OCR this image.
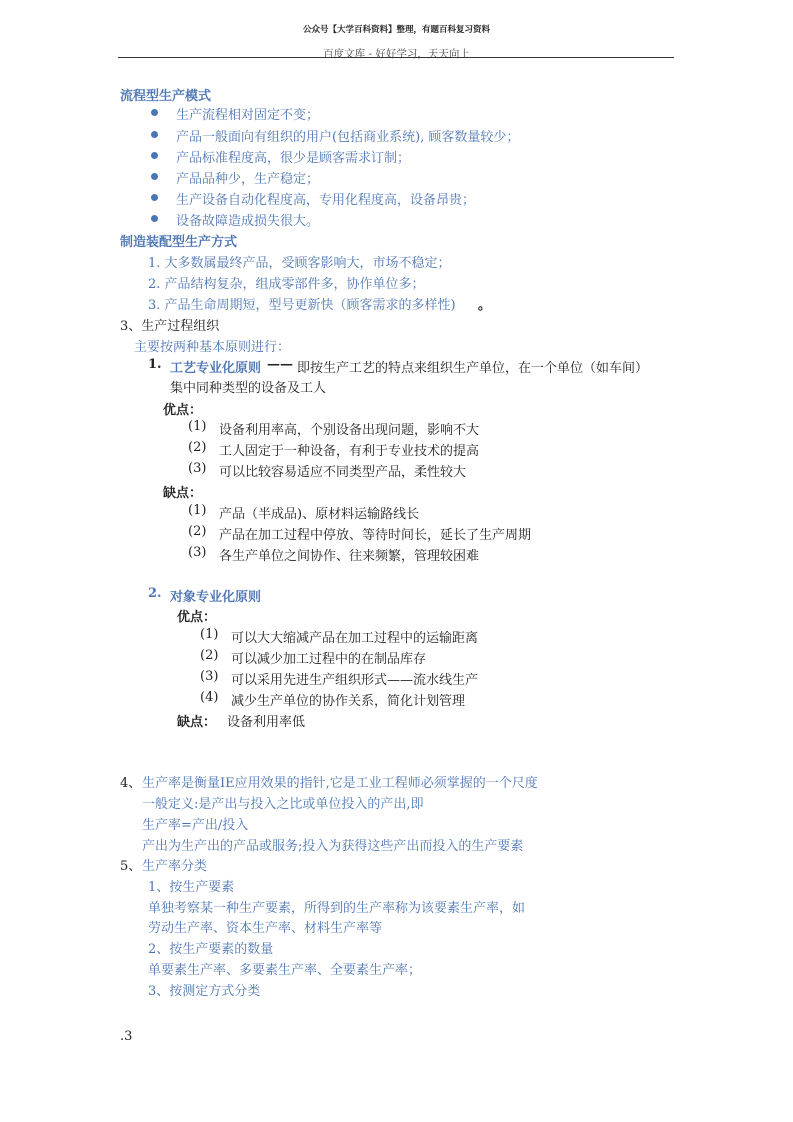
公众号【大学百科资料】整理，有题百科复习资料
百度文库 - 好好学习，天天向上
流程型生产模式
生产流程相对固定不变；
产品一般面向有组织的用户(包括商业系统), 顾客数量较少；
产品标准程度高，很少是顾客需求订制；
产品品种少，生产稳定；
生产设备自动化程度高，专用化程度高，设备昂贵；
设备故障造成损失很大。
制造装配型生产方式
1. 大多数属最终产品，受顾客影响大，市场不稳定；
2. 产品结构复杂，组成零部件多，协作单位多；
3. 产品生命周期短，型号更新快（顾客需求的多样性) 。
3、生产过程组织
主要按两种基本原则进行：
1. 工艺专业化原则 —— 即按生产工艺的特点来组织生产单位，在一个单位（如车间）
集中同种类型的设备及工人
优点：
(1) 设备利用率高，个别设备出现问题，影响不大
(2) 工人固定于一种设备，有利于专业技术的提高
(3) 可以比较容易适应不同类型产品，柔性较大
缺点：
(1) 产品（半成品)、原材料运输路线长
(2) 产品在加工过程中停放、等待时间长，延长了生产周期
(3) 各生产单位之间协作、往来频繁，管理较困难
2. 对象专业化原则
优点：
(1) 可以大大缩减产品在加工过程中的运输距离
(2) 可以减少加工过程中的在制品库存
(3) 可以采用先进生产组织形式——流水线生产
(4) 减少生产单位的协作关系，简化计划管理
缺点： 设备利用率低
4、 生产率是衡量IE应用效果的指针,它是工业工程师必须掌握的一个尺度
一般定义:是产出与投入之比或单位投入的产出,即
生产率=产出/投入
产出为生产出的产品或服务;投入为获得这些产出而投入的生产要素
5、 生产率分类
1、按生产要素
单独考察某一种生产要素，所得到的生产率称为该要素生产率，如
劳动生产率、资本生产率、材料生产率等
2、按生产要素的数量
单要素生产率、多要素生产率、全要素生产率；
3、按测定方式分类
.3
